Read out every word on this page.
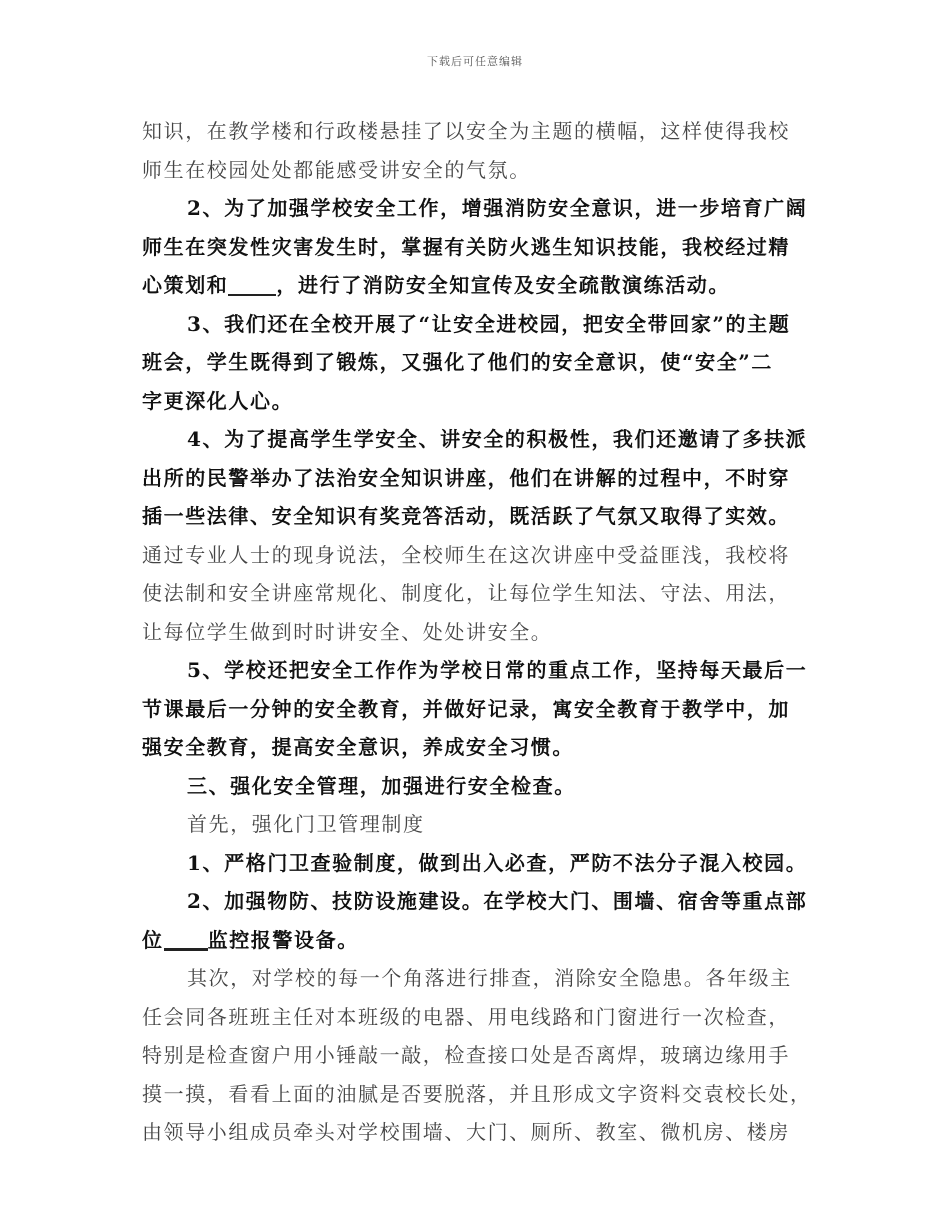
下载后可任意编辑
知识，在教学楼和行政楼悬挂了以安全为主题的横幅，这样使得我校
师生在校园处处都能感受讲安全的气氛。
2、为了加强学校安全工作，增强消防安全意识，进一步培育广阔
师生在突发性灾害发生时，掌握有关防火逃生知识技能，我校经过精
心策划和 ，进行了消防安全知宣传及安全疏散演练活动。
3、我们还在全校开展了“让安全进校园，把安全带回家”的主题
班会，学生既得到了锻炼，又强化了他们的安全意识，使“安全”二
字更深化人心。
4、为了提高学生学安全、讲安全的积极性，我们还邀请了多扶派
出所的民警举办了法治安全知识讲座，他们在讲解的过程中，不时穿
插一些法律、安全知识有奖竞答活动，既活跃了气氛又取得了实效。
通过专业人士的现身说法，全校师生在这次讲座中受益匪浅，我校将
使法制和安全讲座常规化、制度化，让每位学生知法、守法、用法，
让每位学生做到时时讲安全、处处讲安全。
5、学校还把安全工作作为学校日常的重点工作，坚持每天最后一
节课最后一分钟的安全教育，并做好记录，寓安全教育于教学中，加
强安全教育，提高安全意识，养成安全习惯。
三、强化安全管理，加强进行安全检查。
首先，强化门卫管理制度
1、严格门卫查验制度，做到出入必查，严防不法分子混入校园。
2、加强物防、技防设施建设。在学校大门、围墙、宿舍等重点部
位 监控报警设备。
其次，对学校的每一个角落进行排查，消除安全隐患。各年级主
任会同各班班主任对本班级的电器、用电线路和门窗进行一次检查，
特别是检查窗户用小锤敲一敲，检查接口处是否离焊，玻璃边缘用手
摸一摸，看看上面的油腻是否要脱落，并且形成文字资料交袁校长处，
由领导小组成员牵头对学校围墙、大门、厕所、教室、微机房、楼房
